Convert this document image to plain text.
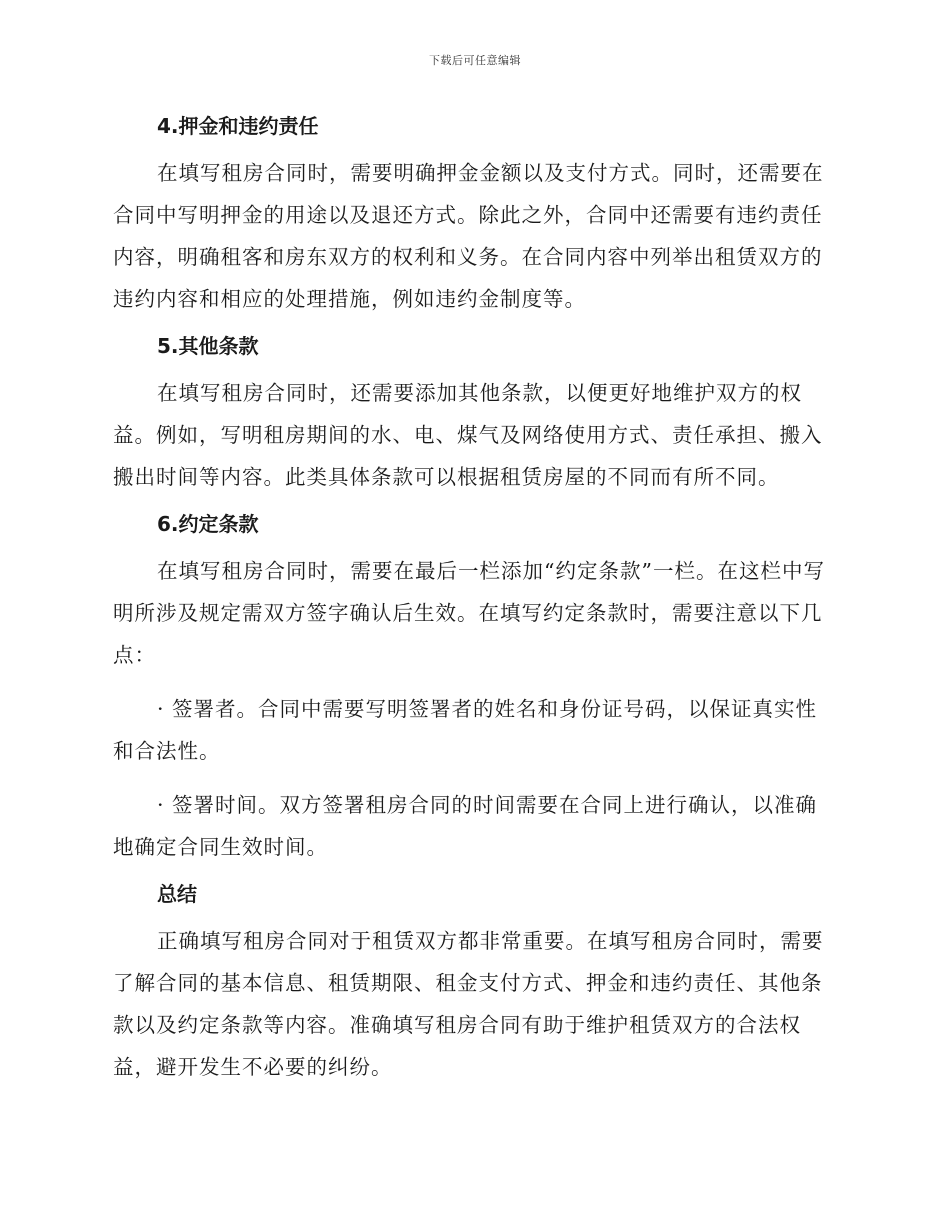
下载后可任意编辑

4.押金和违约责任

在填写租房合同时，需要明确押金金额以及支付方式。同时，还需要在合同中写明押金的用途以及退还方式。除此之外，合同中还需要有违约责任内容，明确租客和房东双方的权利和义务。在合同内容中列举出租赁双方的违约内容和相应的处理措施，例如违约金制度等。

5.其他条款

在填写租房合同时，还需要添加其他条款，以便更好地维护双方的权益。例如，写明租房期间的水、电、煤气及网络使用方式、责任承担、搬入搬出时间等内容。此类具体条款可以根据租赁房屋的不同而有所不同。

6.约定条款

在填写租房合同时，需要在最后一栏添加“约定条款”一栏。在这栏中写明所涉及规定需双方签字确认后生效。在填写约定条款时，需要注意以下几点：

· 签署者。合同中需要写明签署者的姓名和身份证号码，以保证真实性和合法性。

· 签署时间。双方签署租房合同的时间需要在合同上进行确认，以准确地确定合同生效时间。

总结

正确填写租房合同对于租赁双方都非常重要。在填写租房合同时，需要了解合同的基本信息、租赁期限、租金支付方式、押金和违约责任、其他条款以及约定条款等内容。准确填写租房合同有助于维护租赁双方的合法权益，避开发生不必要的纠纷。
